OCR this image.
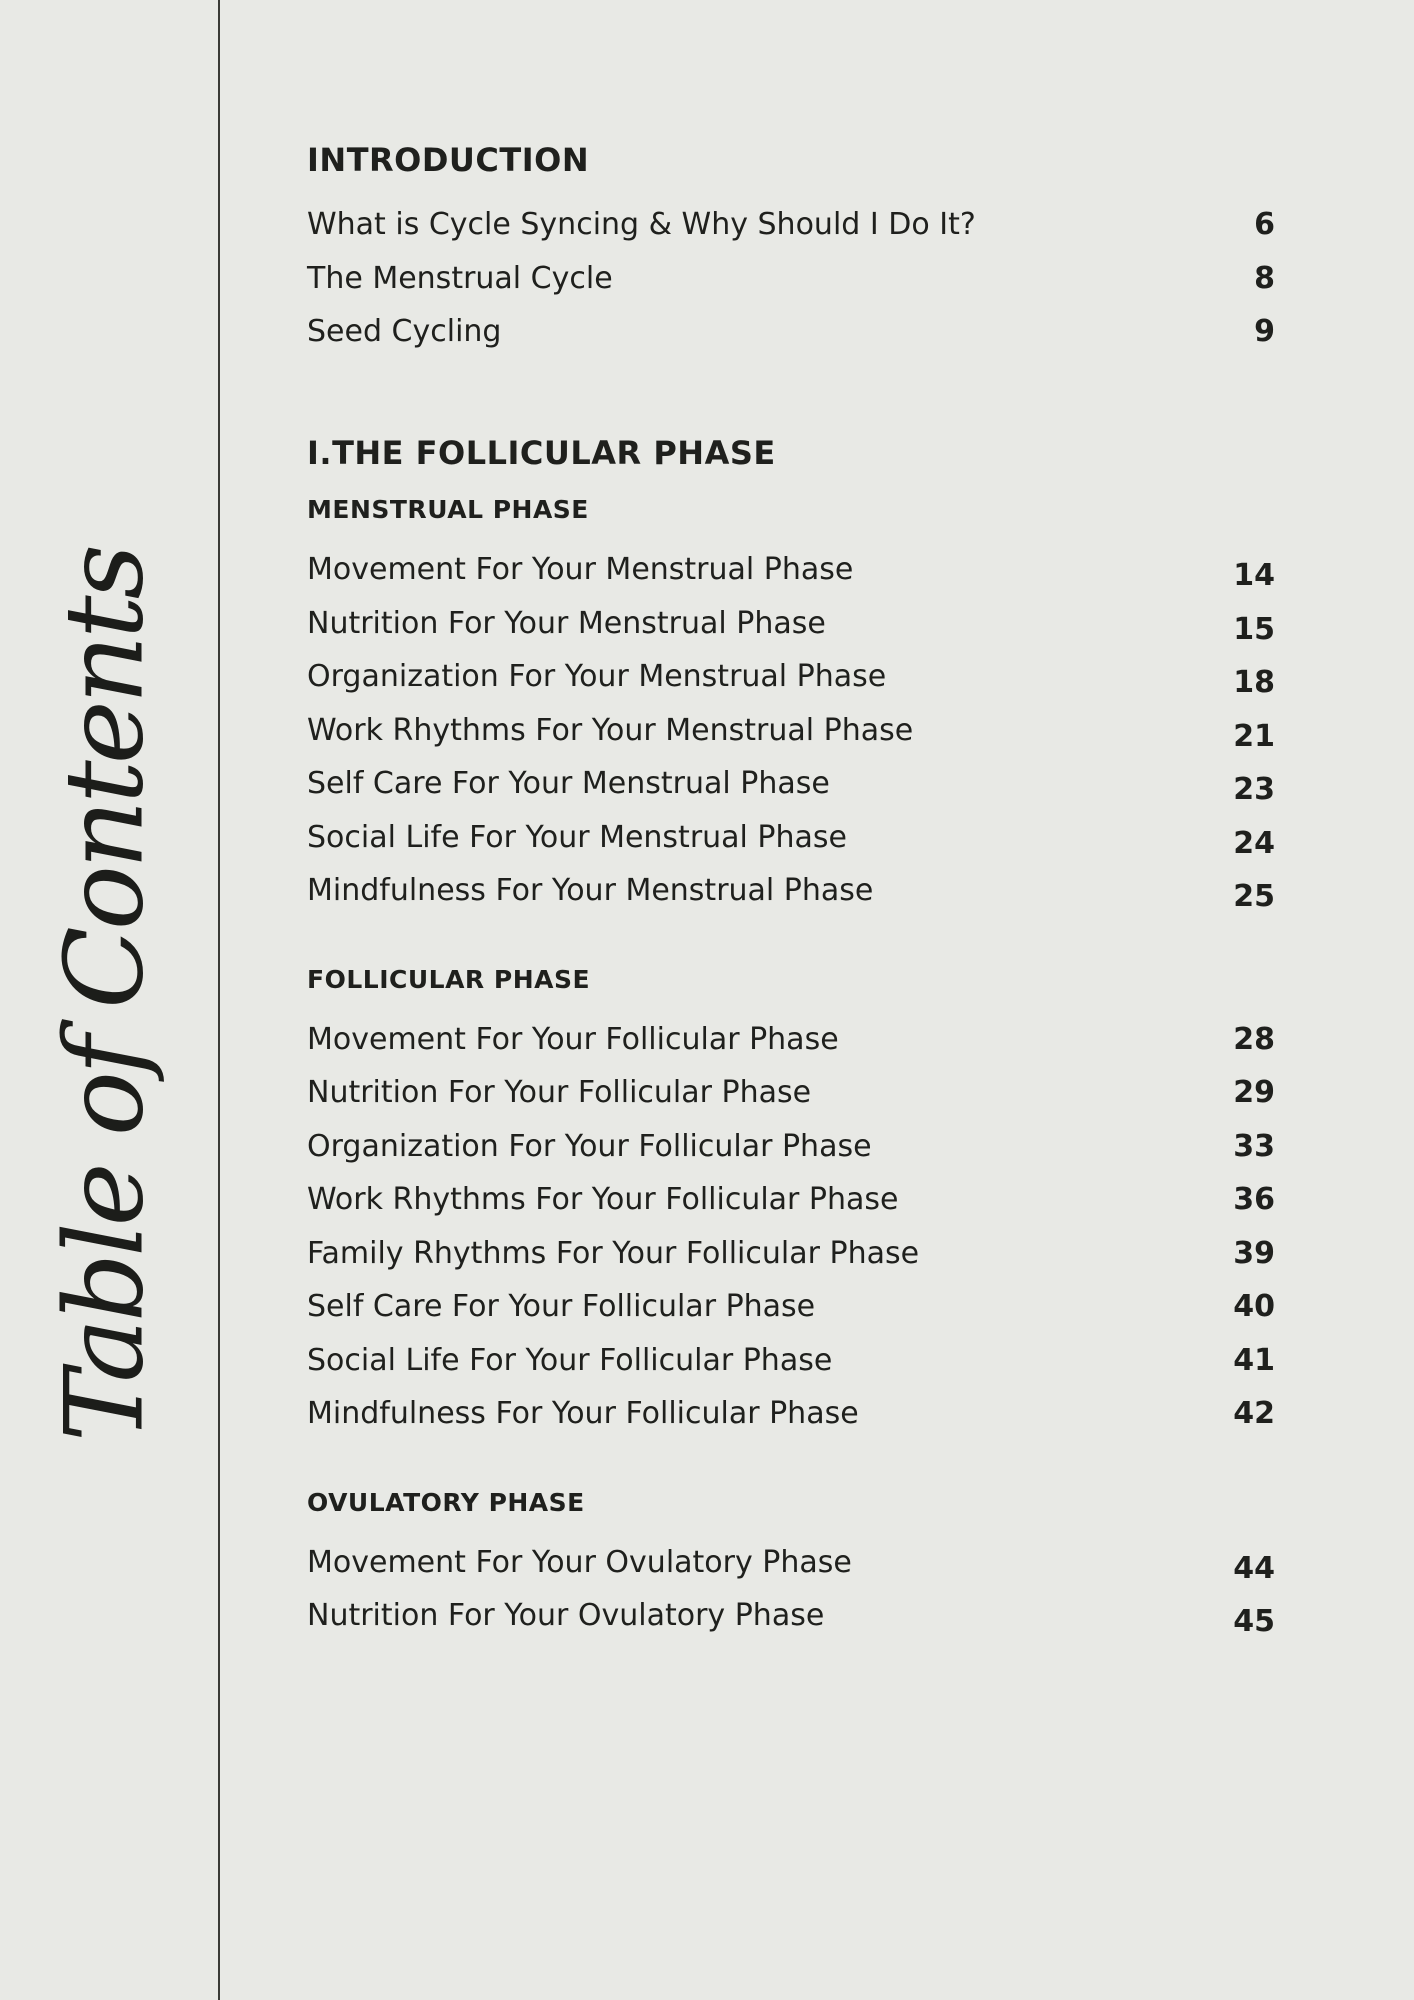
Table of Contents
INTRODUCTION
What is Cycle Syncing & Why Should I Do It?	6
The Menstrual Cycle	8
Seed Cycling	9
I.THE FOLLICULAR PHASE
MENSTRUAL PHASE
Movement For Your Menstrual Phase	14
Nutrition For Your Menstrual Phase	15
Organization For Your Menstrual Phase	18
Work Rhythms For Your Menstrual Phase	21
Self Care For Your Menstrual Phase	23
Social Life For Your Menstrual Phase	24
Mindfulness For Your Menstrual Phase	25
FOLLICULAR PHASE
Movement For Your Follicular Phase	28
Nutrition For Your Follicular Phase	29
Organization For Your Follicular Phase	33
Work Rhythms For Your Follicular Phase	36
Family Rhythms For Your Follicular Phase	39
Self Care For Your Follicular Phase	40
Social Life For Your Follicular Phase	41
Mindfulness For Your Follicular Phase	42
OVULATORY PHASE
Movement For Your Ovulatory Phase	44
Nutrition For Your Ovulatory Phase	45
